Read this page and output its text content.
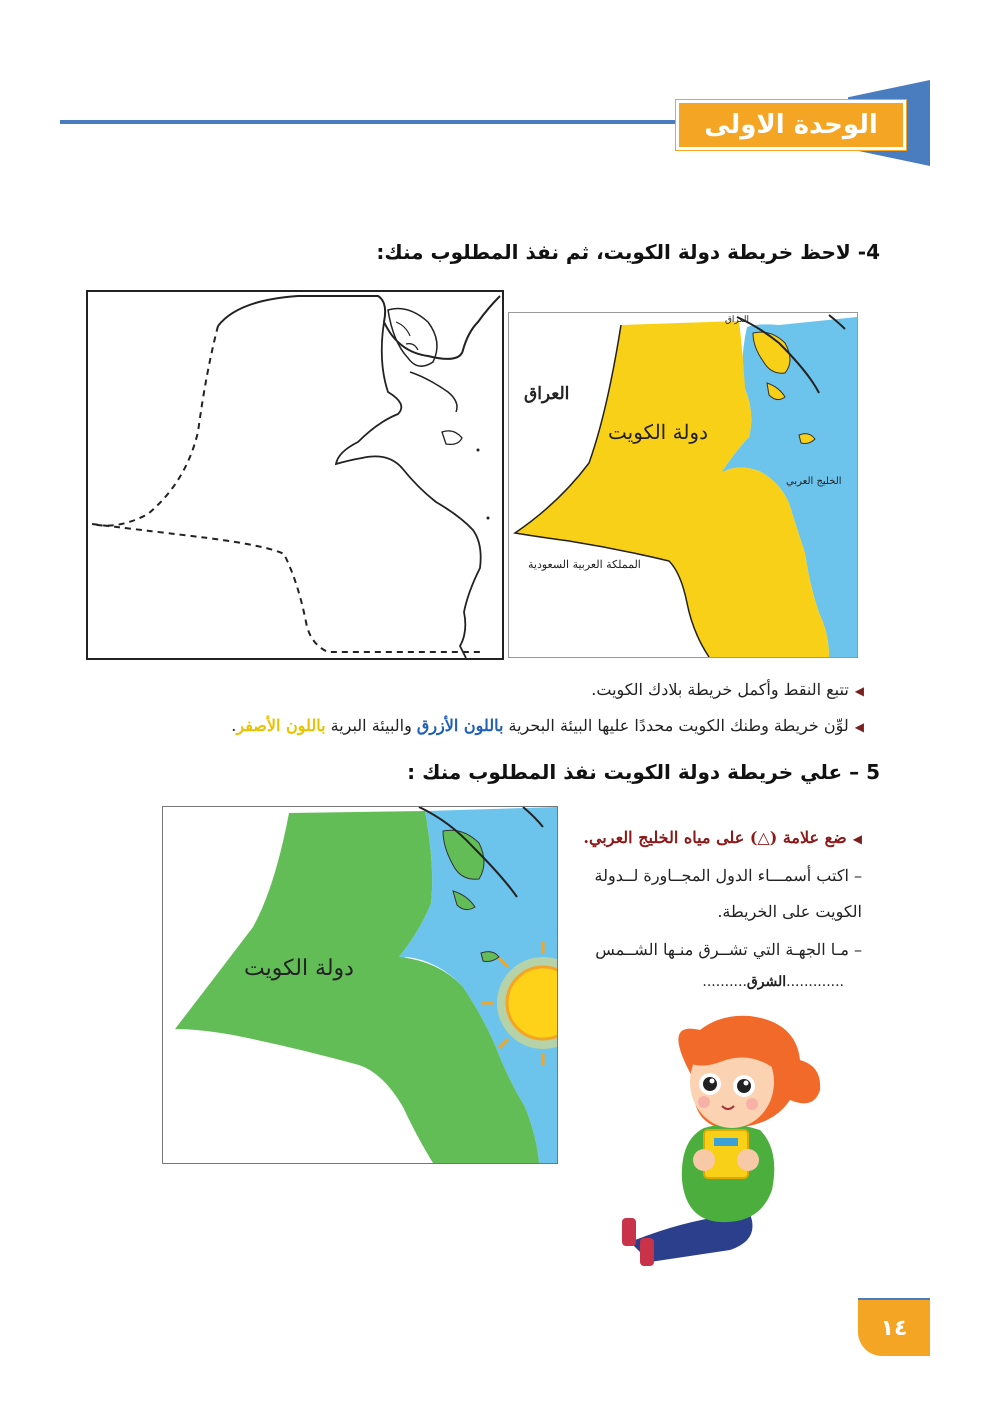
الوحدة الاولى
4- لاحظ خريطة دولة الكويت، ثم نفذ المطلوب منك:
العراق
العراق
دولة الكويت
الخليج العربي
المملكة العربية السعودية
◀تتبع النقط وأكمل خريطة بلادك الكويت.
◀لوِّن خريطة وطنك الكويت محددًا عليها البيئة البحرية باللون الأزرق والبيئة البرية باللون الأصفر.
5 – علي خريطة دولة الكويت نفذ المطلوب منك :
دولة الكويت
◀ضع علامة (△) على مياه الخليج العربي.
– اكتب أسمـــاء الدول المجــاورة لــدولة
الكويت على الخريطة.
– مـا الجهـة التي تشــرق منـها الشــمس
.............الشرق..........
١٤
